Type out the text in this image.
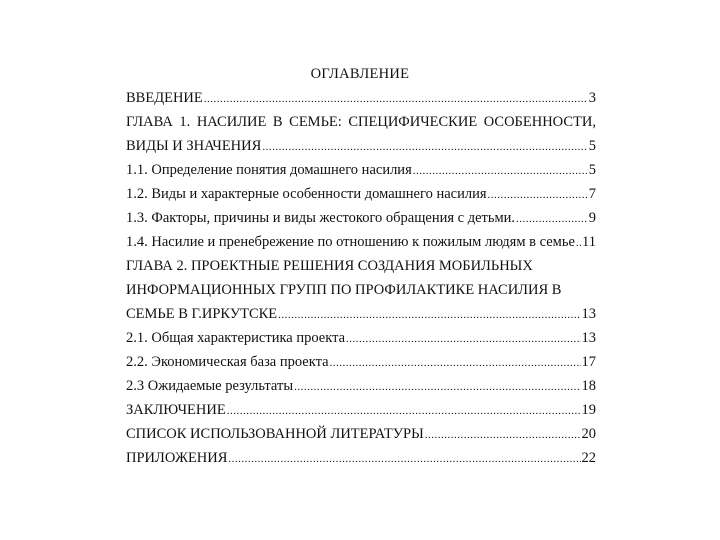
ОГЛАВЛЕНИЕ
ВВЕДЕНИЕ .....	3
ГЛАВА 1. НАСИЛИЕ В СЕМЬЕ: СПЕЦИФИЧЕСКИЕ ОСОБЕННОСТИ,
ВИДЫ И ЗНАЧЕНИЯ .....	5
1.1. Определение понятия домашнего насилия .....	5
1.2. Виды и характерные особенности домашнего насилия .....	7
1.3. Факторы, причины и виды жестокого обращения с детьми. .....	9
1.4. Насилие и пренебрежение по отношению к пожилым людям в семье ..... 11
ГЛАВА 2. ПРОЕКТНЫЕ РЕШЕНИЯ СОЗДАНИЯ МОБИЛЬНЫХ
ИНФОРМАЦИОННЫХ ГРУПП ПО ПРОФИЛАКТИКЕ НАСИЛИЯ В
СЕМЬЕ В Г.ИРКУТСКЕ .....	13
2.1. Общая характеристика проекта .....	13
2.2. Экономическая база проекта .....	17
2.3 Ожидаемые результаты .....	18
ЗАКЛЮЧЕНИЕ .....	19
СПИСОК ИСПОЛЬЗОВАННОЙ ЛИТЕРАТУРЫ .....	20
ПРИЛОЖЕНИЯ .....	22
